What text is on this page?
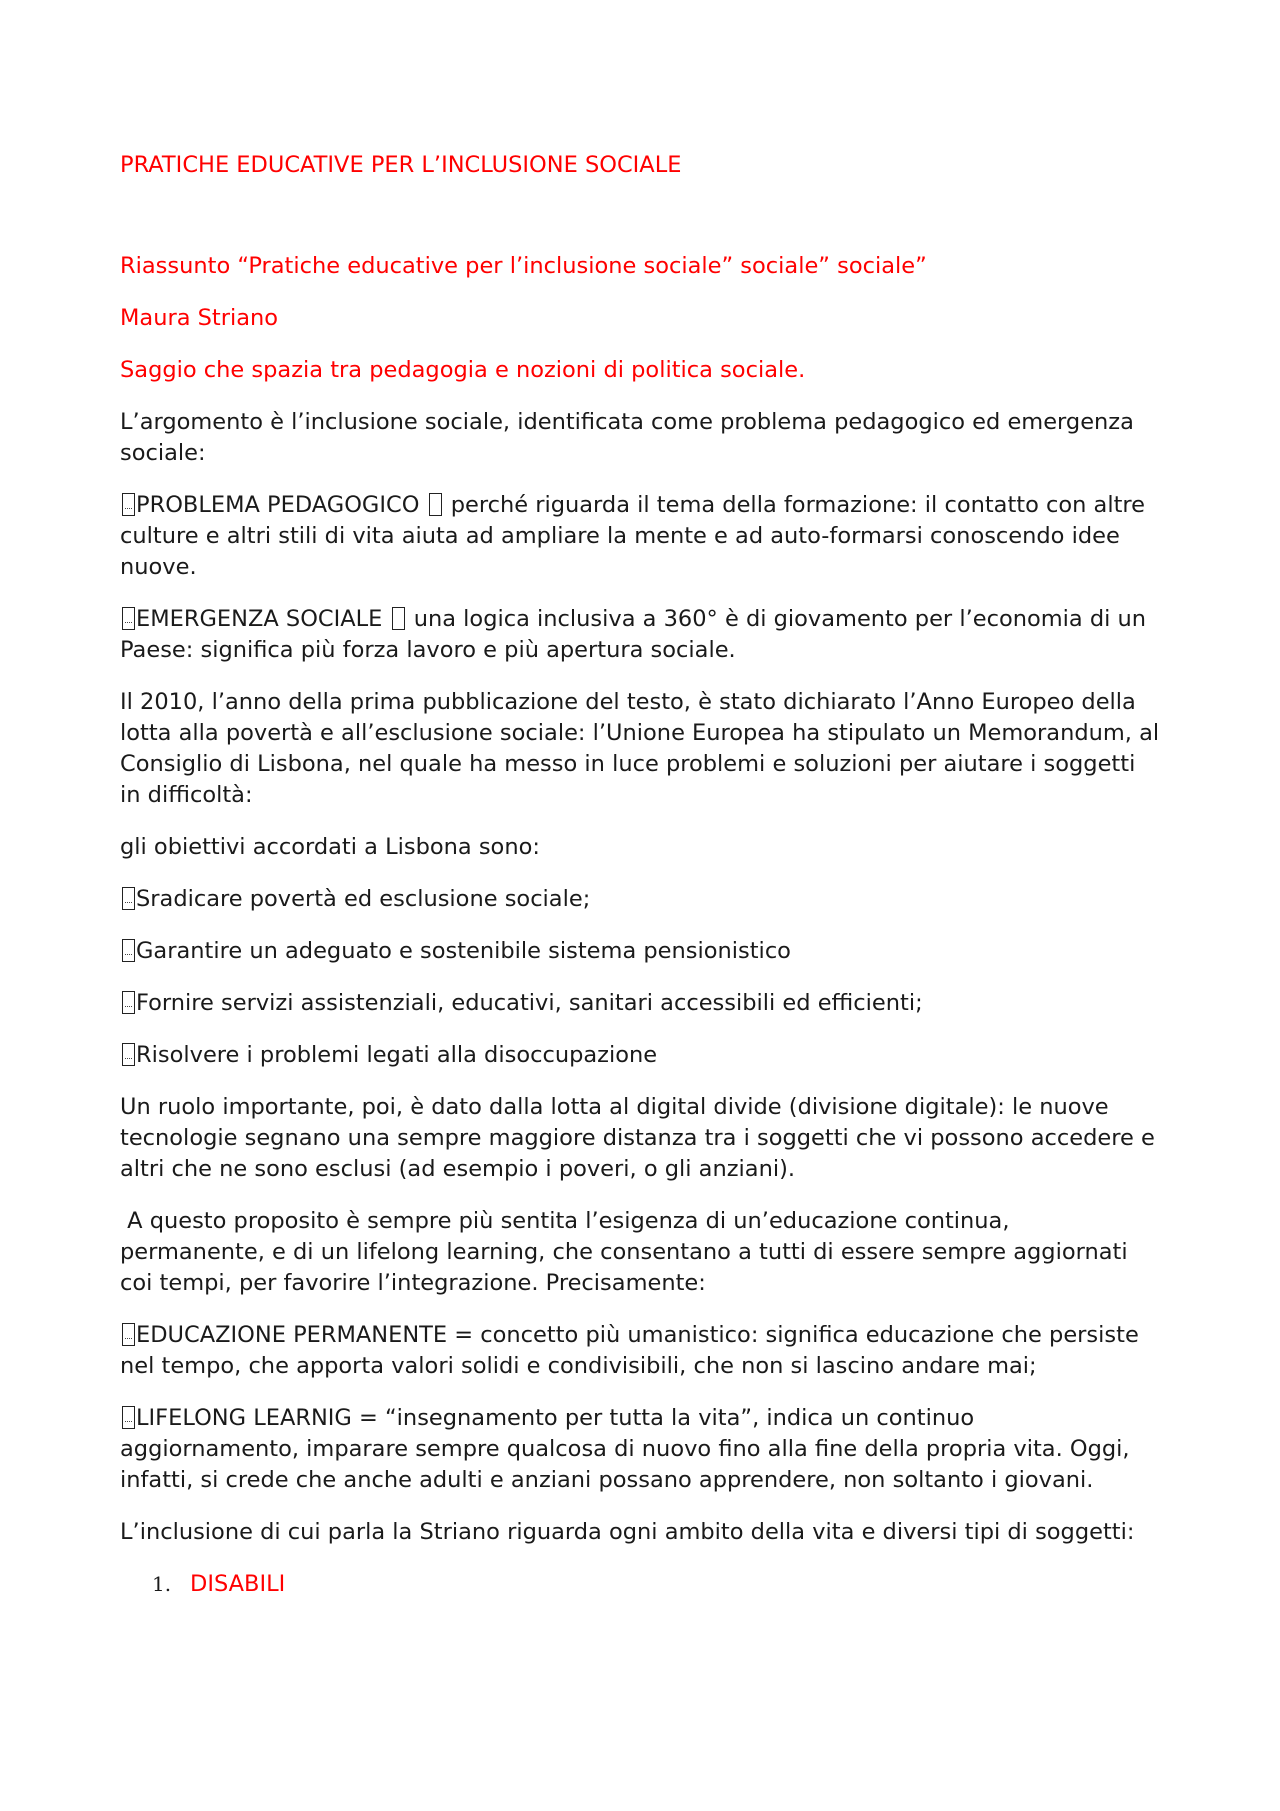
PRATICHE EDUCATIVE PER L’INCLUSIONE SOCIALE

Riassunto “Pratiche educative per l’inclusione sociale” sociale” sociale”

Maura Striano

Saggio che spazia tra pedagogia e nozioni di politica sociale.

L’argomento è l’inclusione sociale, identificata come problema pedagogico ed emergenza sociale:

PROBLEMA PEDAGOGICO perché riguarda il tema della formazione: il contatto con altre culture e altri stili di vita aiuta ad ampliare la mente e ad auto-formarsi conoscendo idee nuove.

EMERGENZA SOCIALE una logica inclusiva a 360° è di giovamento per l’economia di un Paese: significa più forza lavoro e più apertura sociale.

Il 2010, l’anno della prima pubblicazione del testo, è stato dichiarato l’Anno Europeo della lotta alla povertà e all’esclusione sociale: l’Unione Europea ha stipulato un Memorandum, al Consiglio di Lisbona, nel quale ha messo in luce problemi e soluzioni per aiutare i soggetti in difficoltà:

gli obiettivi accordati a Lisbona sono:

Sradicare povertà ed esclusione sociale;

Garantire un adeguato e sostenibile sistema pensionistico

Fornire servizi assistenziali, educativi, sanitari accessibili ed efficienti;

Risolvere i problemi legati alla disoccupazione

Un ruolo importante, poi, è dato dalla lotta al digital divide (divisione digitale): le nuove tecnologie segnano una sempre maggiore distanza tra i soggetti che vi possono accedere e altri che ne sono esclusi (ad esempio i poveri, o gli anziani).

A questo proposito è sempre più sentita l’esigenza di un’educazione continua, permanente, e di un lifelong learning, che consentano a tutti di essere sempre aggiornati coi tempi, per favorire l’integrazione. Precisamente:

EDUCAZIONE PERMANENTE = concetto più umanistico: significa educazione che persiste nel tempo, che apporta valori solidi e condivisibili, che non si lascino andare mai;

LIFELONG LEARNIG = “insegnamento per tutta la vita”, indica un continuo aggiornamento, imparare sempre qualcosa di nuovo fino alla fine della propria vita. Oggi, infatti, si crede che anche adulti e anziani possano apprendere, non soltanto i giovani.

L’inclusione di cui parla la Striano riguarda ogni ambito della vita e diversi tipi di soggetti:

1. DISABILI
